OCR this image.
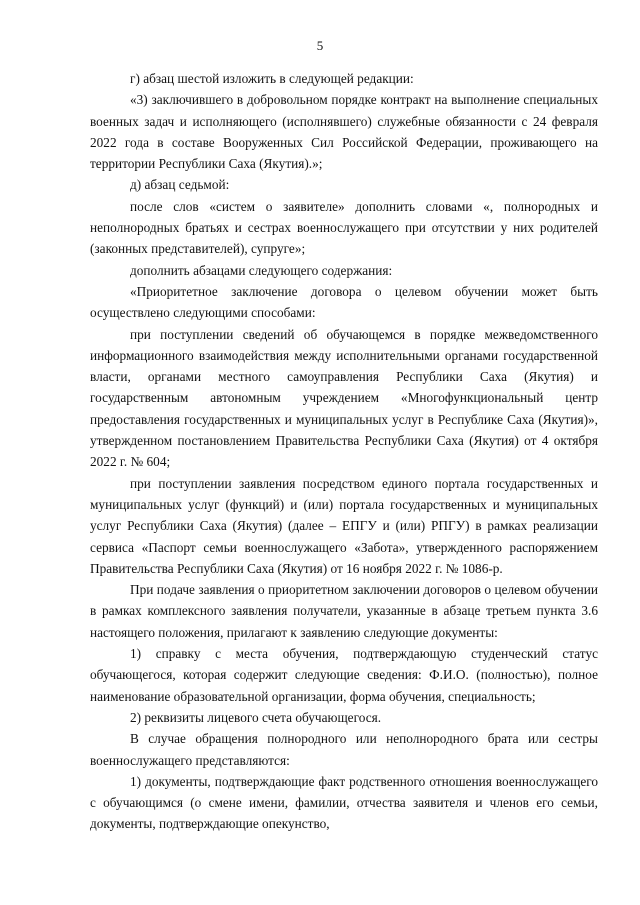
5

г) абзац шестой изложить в следующей редакции:

«3) заключившего в добровольном порядке контракт на выполнение специальных военных задач и исполняющего (исполнявшего) служебные обязанности с 24 февраля 2022 года в составе Вооруженных Сил Российской Федерации, проживающего на территории Республики Саха (Якутия).»;

д) абзац седьмой:

после слов «систем о заявителе» дополнить словами «, полнородных и неполнородных братьях и сестрах военнослужащего при отсутствии у них родителей (законных представителей), супруге»;

дополнить абзацами следующего содержания:

«Приоритетное заключение договора о целевом обучении может быть осуществлено следующими способами:

при поступлении сведений об обучающемся в порядке межведомственного информационного взаимодействия между исполнительными органами государственной власти, органами местного самоуправления Республики Саха (Якутия) и государственным автономным учреждением «Многофункциональный центр предоставления государственных и муниципальных услуг в Республике Саха (Якутия)», утвержденном постановлением Правительства Республики Саха (Якутия) от 4 октября 2022 г. № 604;

при поступлении заявления посредством единого портала государственных и муниципальных услуг (функций) и (или) портала государственных и муниципальных услуг Республики Саха (Якутия) (далее – ЕПГУ и (или) РПГУ) в рамках реализации сервиса «Паспорт семьи военнослужащего «Забота», утвержденного распоряжением Правительства Республики Саха (Якутия) от 16 ноября 2022 г. № 1086-р.

При подаче заявления о приоритетном заключении договоров о целевом обучении в рамках комплексного заявления получатели, указанные в абзаце третьем пункта 3.6 настоящего положения, прилагают к заявлению следующие документы:

1) справку с места обучения, подтверждающую студенческий статус обучающегося, которая содержит следующие сведения: Ф.И.О. (полностью), полное наименование образовательной организации, форма обучения, специальность;

2) реквизиты лицевого счета обучающегося.

В случае обращения полнородного или неполнородного брата или сестры военнослужащего представляются:

1) документы, подтверждающие факт родственного отношения военнослужащего с обучающимся (о смене имени, фамилии, отчества заявителя и членов его семьи, документы, подтверждающие опекунство,
